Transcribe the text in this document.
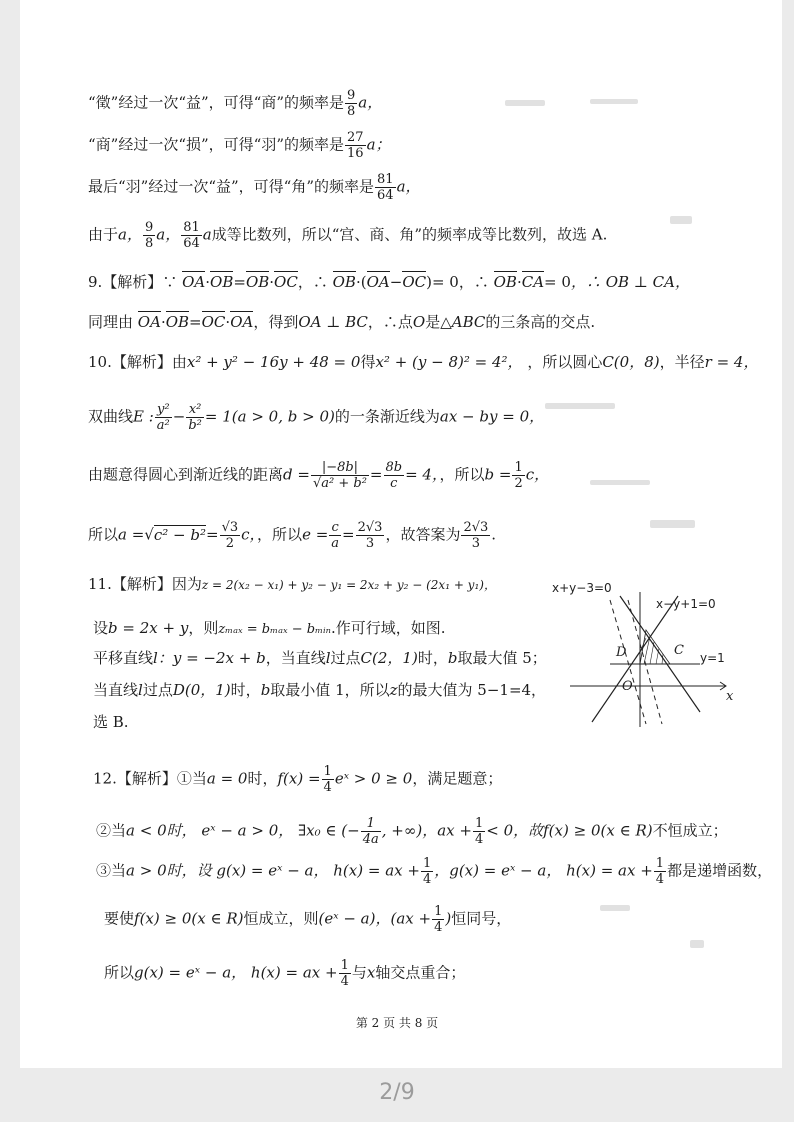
“徵”经过一次“益”，可得“商”的频率是 $\frac{9}{8}$ a，
“商”经过一次“损”，可得“羽”的频率是 $\frac{27}{16}$ a；
最后“羽”经过一次“益”，可得“角”的频率是 $\frac{81}{64}$ a，
由于a， $\frac{9}{8}$ a， $\frac{81}{64}$ a成等比数列，所以“宫、商、角”的频率成等比数列，故选 A.
9.【解析】∵ OA·OB=OB·OC，∴ OB·(OA−OC)= 0，∴ OB·CA= 0，∴ OB ⊥ CA，
同理由 OA·OB=OC·OA，得到OA ⊥ BC，∴点O是△ABC的三条高的交点.
10.【解析】由x² + y² − 16y + 48 = 0得x² + (y − 8)² = 4²， ，所以圆心C(0，8)，半径r = 4，
双曲线E : $\frac{\text{y²}}{\text{a²}} - \frac{\text{x²}}{\text{b²}} = 1(a > 0$, b > 0)的一条渐近线为ax − by = 0，
由题意得圆心到渐近线的距离$d = \frac{|-8b|}{\text{√a² + b²}} = \frac{8b}{c} = 4$，，所以$b = \frac{1}{2}$ c，
所以$a =√c^2 - b^2= \frac{√3}{2}$ c，，所以$e = \frac{c}{a} = \frac{2√3}{3}$ ，故答案为 $\frac{2√3}{3}$ .
11.【解析】因为z = 2(x₂ − x₁) + y₂ − y₁ = 2x₂ + y₂ − (2x₁ + y₁)，
设b = 2x + y，则zₘₐₓ = bₘₐₓ − bₘᵢₙ.作可行域，如图.
平移直线l：y = −2x + b，当直线l过点C(2，1)时，b取最大值 5；
当直线l过点D(0，1)时，b取最小值 1，所以z的最大值为 5−1=4，
选 B.
x+y−3=0
x−y+1=0
y=1
D	C
O
x
12.【解析】①当a = 0时，$f(x) = \frac{1}{4}$ eˣ > 0 ≥ 0，满足题意；
②当a < 0时， eˣ − a > 0， ∃x₀ ∈ (− $\frac{1}{4a}$ , +∞)，ax + $\frac{1}{4} < 0$，故f(x) ≥ 0(x ∈ R)不恒成立；
③当a > 0时，设 g(x) = eˣ − a， h(x) = ax + $\frac{1}{4}$ ，g(x) = eˣ − a， h(x) = ax + $\frac{1}{4}$ 都是递增函数，
要使f(x) ≥ 0(x ∈ R)恒成立，则(eˣ − a)，($ax + \frac{1}{4}$ )恒同号，
所以g(x) = eˣ − a， h(x) = ax + $\frac{1}{4}$ 与x轴交点重合；
第 2 页 共 8 页
2/9
